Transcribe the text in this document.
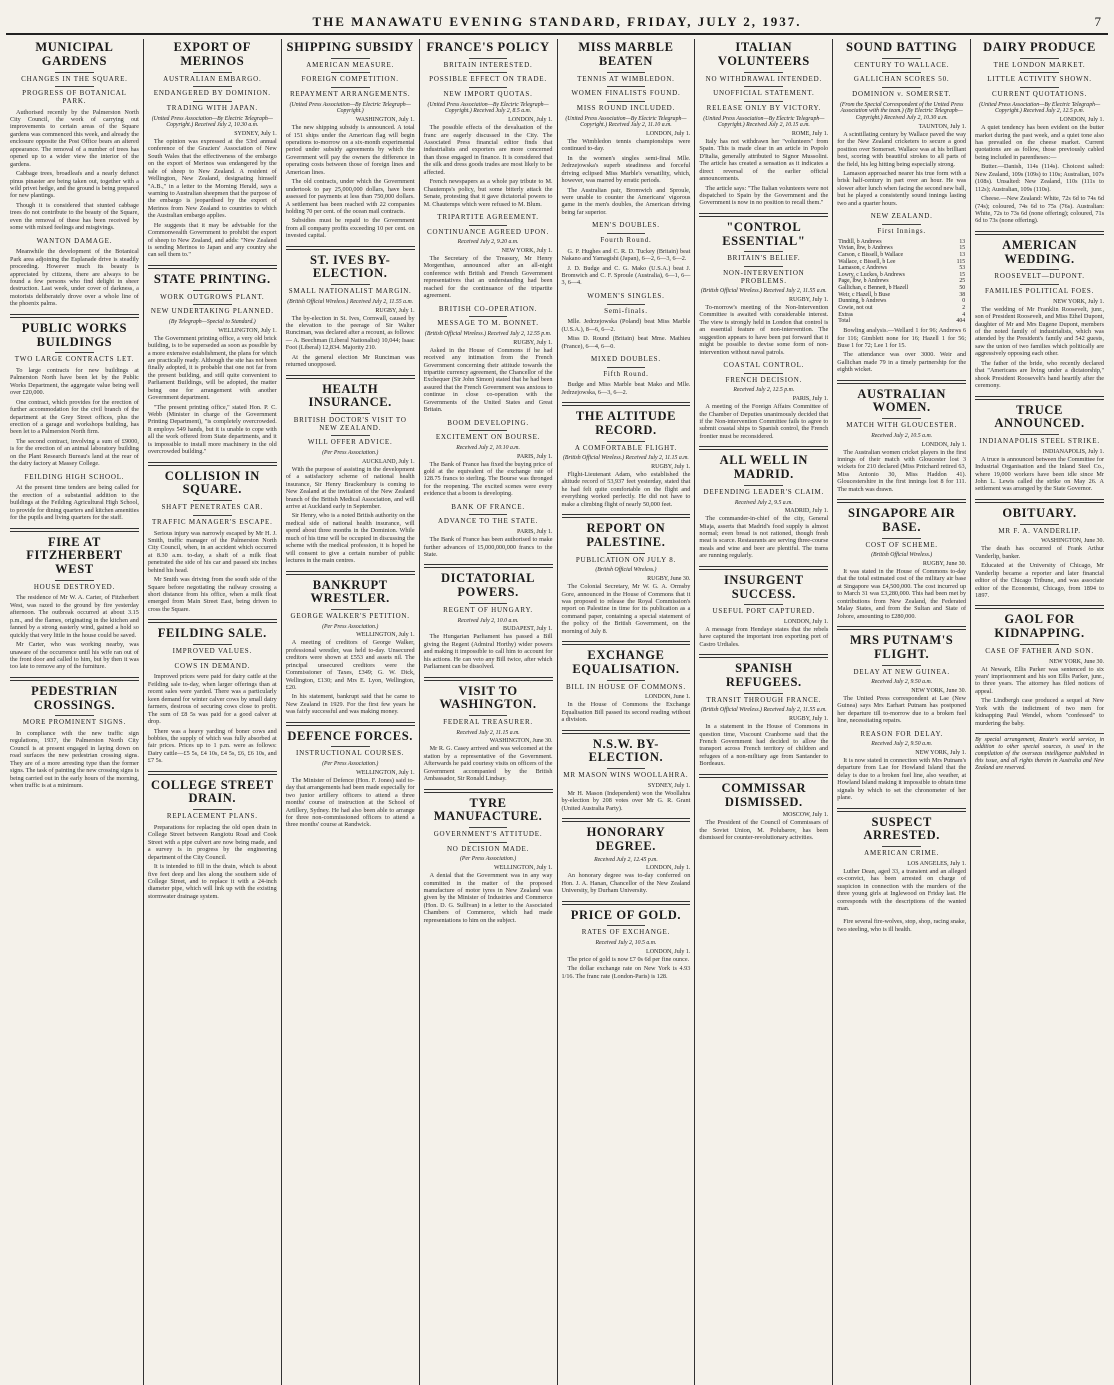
THE MANAWATU EVENING STANDARD, FRIDAY, JULY 2, 1937.	7
MUNICIPAL GARDENS
CHANGES IN THE SQUARE.
PROGRESS OF BOTANICAL PARK.

Authorised recently by the Palmerston North City Council, the work of carrying out improvements to certain areas of the Square gardens was commenced this week, and already the enclosure opposite the Post Office bears an altered appearance. The removal of a number of trees has opened up to a wider view the interior of the gardens.

Cabbage trees, broadleafs and a nearly defunct pinus pinaster are being taken out, together with a wild privet hedge, and the ground is being prepared for new plantings.

Though it is considered that stunted cabbage trees do not contribute to the beauty of the Square, even the removal of these has been received by some with mixed feelings and misgivings.

WANTON DAMAGE.

Meanwhile the development of the Botanical Park area adjoining the Esplanade drive is steadily proceeding. However much its beauty is appreciated by citizens, there are always to be found a few persons who find delight in sheer destruction. Last week, under cover of darkness, a motorists deliberately drove over a whole line of the phoenix palms.

PUBLIC WORKS BUILDINGS
TWO LARGE CONTRACTS LET.

To large contracts for new buildings at Palmerston North have been let by the Public Works Department, the aggregate value being well over £20,000.

One contract, which provides for the erection of further accommodation for the civil branch of the department at the Grey Street offices, plus the erection of a garage and workshops building, has been let to a Palmerston North firm.

The second contract, involving a sum of £9000, is for the erection of an animal laboratory building on the Plant Research Bureau's land at the rear of the dairy factory at Massey College.

FEILDING HIGH SCHOOL.

At the present time tenders are being called for the erection of a substantial addition to the buildings at the Feilding Agricultural High School, to provide for dining quarters and kitchen amenities for the pupils and living quarters for the staff.

FIRE AT FITZHERBERT WEST
HOUSE DESTROYED.

The residence of Mr W. A. Carter, of Fitzherbert West, was razed to the ground by fire yesterday afternoon. The outbreak occurred at about 3.15 p.m., and the flames, originating in the kitchen and fanned by a strong easterly wind, gained a hold so quickly that very little in the house could be saved.

Mr Carter, who was working nearby, was unaware of the occurrence until his wife ran out of the front door and called to him, but by then it was too late to remove any of the furniture.

PEDESTRIAN CROSSINGS.
MORE PROMINENT SIGNS.

In compliance with the new traffic sign regulations, 1937, the Palmerston North City Council is at present engaged in laying down on road surfaces the new pedestrian crossing signs. They are of a more arresting type than the former signs. The task of painting the new crossing signs is being carried out in the early hours of the morning, when traffic is at a minimum.

EXPORT OF MERINOS
AUSTRALIAN EMBARGO.
ENDANGERED BY DOMINION.
TRADING WITH JAPAN.
(United Press Association—By Electric Telegraph—Copyright.) Received July 2, 10.30 a.m.
SYDNEY, July 1.

The opinion was expressed at the 53rd annual conference of the Graziers' Association of New South Wales that the effectiveness of the embargo on the export of Merinos was endangered by the sale of sheep to New Zealand. A resident of Wellington, New Zealand, designating himself "A.B.," in a letter to the Morning Herald, says a warning to Australian sheepmen that the purpose of the embargo is jeopardised by the export of Merinos from New Zealand to countries to which the Australian embargo applies.

He suggests that it may be advisable for the Commonwealth Government to prohibit the export of sheep to New Zealand, and adds: "New Zealand is sending Merinos to Japan and any country she can sell them to."

STATE PRINTING.
WORK OUTGROWS PLANT.
NEW UNDERTAKING PLANNED.
(By Telegraph—Special to Standard.)
WELLINGTON, July 1.

The Government printing office, a very old brick building, is to be superseded as soon as possible by a more extensive establishment, the plans for which are practically ready. Although the site has not been finally adopted, it is probable that one not far from the present building, and still quite convenient to Parliament Buildings, will be adopted, the matter being one for arrangement with another Government department.

"The present printing office," stated Hon. P. C. Webb (Minister in charge of the Government Printing Department), "is completely overcrowded. It employs 549 hands, but it is unable to cope with all the work offered from State departments, and it is impossible to install more machinery in the old overcrowded building."

COLLISION IN SQUARE.
SHAFT PENETRATES CAR.
TRAFFIC MANAGER'S ESCAPE.

Serious injury was narrowly escaped by Mr H. J. Smith, traffic manager of the Palmerston North City Council, when, in an accident which occurred at 8.30 a.m. to-day, a shaft of a milk float penetrated the side of his car and passed six inches behind his head.

Mr Smith was driving from the south side of the Square before negotiating the railway crossing a short distance from his office, when a milk float emerged from Main Street East, being driven to cross the Square.

FEILDING SALE.
IMPROVED VALUES.
COWS IN DEMAND.

Improved prices were paid for dairy cattle at the Feilding sale to-day, when larger offerings than at recent sales were yarded. There was a particularly keen demand for winter calver cows by small dairy farmers, desirous of securing cows close to profit. The sum of £8 5s was paid for a good calver at drop.

There was a heavy yarding of boner cows and bobbies, the supply of which was fully absorbed at fair prices. Prices up to 1 p.m. were as follows: Dairy cattle—£5 5s, £4 10s, £4 5s, £6, £6 10s, and £7 5s.

COLLEGE STREET DRAIN.
REPLACEMENT PLANS.

Preparations for replacing the old open drain in College Street between Rangiotu Road and Cook Street with a pipe culvert are now being made, and a survey is in progress by the engineering department of the City Council.

It is intended to fill in the drain, which is about five feet deep and lies along the southern side of College Street, and to replace it with a 24-inch diameter pipe, which will link up with the existing stormwater drainage system.

SHIPPING SUBSIDY
AMERICAN MEASURE.
FOREIGN COMPETITION.
REPAYMENT ARRANGEMENTS.
(United Press Association—By Electric Telegraph—Copyright.)
WASHINGTON, July 1.

The new shipping subsidy is announced. A total of 151 ships under the American flag will begin operations to-morrow on a six-month experimental period under subsidy agreements by which the Government will pay the owners the difference in operating costs between those of foreign lines and American lines.

The old contracts, under which the Government undertook to pay 25,000,000 dollars, have been assessed for payments at less than 750,000 dollars. A settlement has been reached with 22 companies holding 70 per cent. of the ocean mail contracts.

Subsidies must be repaid to the Government from all company profits exceeding 10 per cent. on invested capital.

ST. IVES BY-ELECTION.
SMALL NATIONALIST MARGIN.
(British Official Wireless.) Received July 2, 11.55 a.m.
RUGBY, July 1.

The by-election in St. Ives, Cornwall, caused by the elevation to the peerage of Sir Walter Runciman, was declared after a recount, as follows: — A. Beechman (Liberal Nationalist) 10,044; Isaac Foot (Liberal) 12,834. Majority 210.

At the general election Mr Runciman was returned unopposed.

HEALTH INSURANCE.
BRITISH DOCTOR'S VISIT TO NEW ZEALAND.
WILL OFFER ADVICE.
(Per Press Association.)
AUCKLAND, July 1.

With the purpose of assisting in the development of a satisfactory scheme of national health insurance, Sir Henry Brackenbury is coming to New Zealand at the invitation of the New Zealand branch of the British Medical Association, and will arrive at Auckland early in September.

Sir Henry, who is a noted British authority on the medical side of national health insurance, will spend about three months in the Dominion. While much of his time will be occupied in discussing the scheme with the medical profession, it is hoped he will consent to give a certain number of public lectures in the main centres.

BANKRUPT WRESTLER.
GEORGE WALKER'S PETITION.
(Per Press Association.)
WELLINGTON, July 1.

A meeting of creditors of George Walker, professional wrestler, was held to-day. Unsecured creditors were shown at £553 and assets nil. The principal unsecured creditors were the Commissioner of Taxes, £349; G. W. Dick, Wellington, £130; and Mrs E. Lyon, Wellington, £20.

In his statement, bankrupt said that he came to New Zealand in 1929. For the first few years he was fairly successful and was making money.

DEFENCE FORCES.
INSTRUCTIONAL COURSES.
(Per Press Association.)
WELLINGTON, July 1.

The Minister of Defence (Hon. F. Jones) said to-day that arrangements had been made especially for two junior artillery officers to attend a three months' course of instruction at the School of Artillery, Sydney. He had also been able to arrange for three non-commissioned officers to attend a three months' course at Randwick.

FRANCE'S POLICY
BRITAIN INTERESTED.
POSSIBLE EFFECT ON TRADE.
NEW IMPORT QUOTAS.
(United Press Association—By Electric Telegraph—Copyright.) Received July 2, 8.5 a.m.
LONDON, July 1.

The possible effects of the devaluation of the franc are eagerly discussed in the City. The Associated Press financial editor finds that industrialists and exporters are more concerned than those engaged in finance. It is considered that the silk and dress goods trades are most likely to be affected.

French newspapers as a whole pay tribute to M. Chautemps's policy, but some bitterly attack the Senate, protesting that it gave dictatorial powers to M. Chautemps which were refused to M. Blum.

TRIPARTITE AGREEMENT.
CONTINUANCE AGREED UPON.
Received July 2, 9.20 a.m.
NEW YORK, July 1.

The Secretary of the Treasury, Mr Henry Morgenthau, announced after an all-night conference with British and French Government representatives that an understanding had been reached for the continuance of the tripartite agreement.

BRITISH CO-OPERATION.
MESSAGE TO M. BONNET.
(British Official Wireless.) Received July 2, 12.55 p.m.
RUGBY, July 1.

Asked in the House of Commons if he had received any intimation from the French Government concerning their attitude towards the tripartite currency agreement, the Chancellor of the Exchequer (Sir John Simon) stated that he had been assured that the French Government was anxious to continue in close co-operation with the Governments of the United States and Great Britain.

BOOM DEVELOPING.
EXCITEMENT ON BOURSE.
Received July 2, 10.10 a.m.
PARIS, July 1.

The Bank of France has fixed the buying price of gold at the equivalent of the exchange rate of 128.75 francs to sterling. The Bourse was thronged for the reopening. The excited scenes were every evidence that a boom is developing.

BANK OF FRANCE.
ADVANCE TO THE STATE.
PARIS, July 1.

The Bank of France has been authorised to make further advances of 15,000,000,000 francs to the State.

DICTATORIAL POWERS.
REGENT OF HUNGARY.
Received July 2, 10.0 a.m.
BUDAPEST, July 1.

The Hungarian Parliament has passed a Bill giving the Regent (Admiral Horthy) wider powers and making it impossible to call him to account for his actions. He can veto any Bill twice, after which Parliament can be dissolved.

VISIT TO WASHINGTON.
FEDERAL TREASURER.
Received July 2, 11.15 a.m.
WASHINGTON, June 30.

Mr R. G. Casey arrived and was welcomed at the station by a representative of the Government. Afterwards he paid courtesy visits on officers of the Government accompanied by the British Ambassador, Sir Ronald Lindsay.

TYRE MANUFACTURE.
GOVERNMENT'S ATTITUDE.
NO DECISION MADE.
(Per Press Association.)
WELLINGTON, July 1.

A denial that the Government was in any way committed in the matter of the proposed manufacture of motor tyres in New Zealand was given by the Minister of Industries and Commerce (Hon. D. G. Sullivan) in a letter to the Associated Chambers of Commerce, which had made representations to him on the subject.

MISS MARBLE BEATEN
TENNIS AT WIMBLEDON.
WOMEN FINALISTS FOUND.
MISS ROUND INCLUDED.
(United Press Association—By Electric Telegraph—Copyright.) Received July 2, 11.10 a.m.
LONDON, July 1.

The Wimbledon tennis championships were continued to-day.

In the women's singles semi-final Mlle. Jedrzejowska's superb steadiness and forceful driving eclipsed Miss Marble's versatility, which, however, was marred by erratic periods.

The Australian pair, Bromwich and Sproule, were unable to counter the Americans' vigorous game in the men's doubles, the American driving being far superior.

MEN'S DOUBLES.
Fourth Round.

G. P. Hughes and C. R. D. Tuckey (Britain) beat Nakano and Yamagishi (Japan), 6—2, 6—3, 6—2.

J. D. Budge and C. G. Mako (U.S.A.) beat J. Bromwich and C. F. Sproule (Australia), 6—1, 6—3, 6—4.

WOMEN'S SINGLES.
Semi-finals.

Mlle. Jedrzejowska (Poland) beat Miss Marble (U.S.A.), 8—6, 6—2.

Miss D. Round (Britain) beat Mme. Mathieu (France), 6—4, 6—0.

MIXED DOUBLES.
Fifth Round.

Budge and Miss Marble beat Mako and Mlle. Jedrzejowska, 6—3, 6—2.

THE ALTITUDE RECORD.
A COMFORTABLE FLIGHT.
(British Official Wireless.) Received July 2, 11.15 a.m.
RUGBY, July 1.

Flight-Lieutenant Adam, who established the altitude record of 53,937 feet yesterday, stated that he had felt quite comfortable on the flight and everything worked perfectly. He did not have to make a climbing flight of nearly 50,000 feet.

REPORT ON PALESTINE.
PUBLICATION ON JULY 8.
(British Official Wireless.)
RUGBY, June 30.

The Colonial Secretary, Mr W. G. A. Ormsby Gore, announced in the House of Commons that it was proposed to release the Royal Commission's report on Palestine in time for its publication as a command paper, containing a special statement of the policy of the British Government, on the morning of July 8.

EXCHANGE EQUALISATION.
BILL IN HOUSE OF COMMONS.
LONDON, June 1.

In the House of Commons the Exchange Equalisation Bill passed its second reading without a division.

N.S.W. BY-ELECTION.
MR MASON WINS WOOLLAHRA.
SYDNEY, July 1.

Mr H. Mason (Independent) won the Woollahra by-election by 208 votes over Mr G. R. Grant (United Australia Party).

HONORARY DEGREE.
Received July 2, 12.45 p.m.
LONDON, July 1.

An honorary degree was to-day conferred on Hon. J. A. Hanan, Chancellor of the New Zealand University, by Durham University.

PRICE OF GOLD.
RATES OF EXCHANGE.
Received July 2, 10.5 a.m.
LONDON, July 1.

The price of gold is now £7 0s 6d per fine ounce.

The dollar exchange rate on New York is 4.93 1/16. The franc rate (London-Paris) is 128.

ITALIAN VOLUNTEERS
NO WITHDRAWAL INTENDED.
UNOFFICIAL STATEMENT.
RELEASE ONLY BY VICTORY.
(United Press Association—By Electric Telegraph—Copyright.) Received July 2, 10.15 a.m.
ROME, July 1.

Italy has not withdrawn her "volunteers" from Spain. This is made clear in an article in Popolo D'Italia, generally attributed to Signor Mussolini. The article has created a sensation as it indicates a direct reversal of the earlier official announcements.

The article says: "The Italian volunteers were not dispatched to Spain by the Government and the Government is now in no position to recall them."

"CONTROL ESSENTIAL"
BRITAIN'S BELIEF.
NON-INTERVENTION PROBLEMS.
(British Official Wireless.) Received July 2, 11.55 a.m.
RUGBY, July 1.

To-morrow's meeting of the Non-Intervention Committee is awaited with considerable interest. The view is strongly held in London that control is an essential feature of non-intervention. The suggestion appears to have been put forward that it might be possible to devise some form of non-intervention without naval patrols.

COASTAL CONTROL.
FRENCH DECISION.
Received July 2, 12.5 p.m.
PARIS, July 1.

A meeting of the Foreign Affairs Committee of the Chamber of Deputies unanimously decided that if the Non-intervention Committee fails to agree to submit coastal ships to Spanish control, the French frontier must be reconsidered.

ALL WELL IN MADRID.
DEFENDING LEADER'S CLAIM.
Received July 2, 9.5 a.m.
MADRID, July 1.

The commander-in-chief of the city, General Miaja, asserts that Madrid's food supply is almost normal; even bread is not rationed, though fresh meat is scarce. Restaurants are serving three-course meals and wine and beer are plentiful. The trams are running regularly.

INSURGENT SUCCESS.
USEFUL PORT CAPTURED.
LONDON, July 1.

A message from Hendaye states that the rebels have captured the important iron exporting port of Castro Urdiales.

SPANISH REFUGEES.
TRANSIT THROUGH FRANCE.
(British Official Wireless.) Received July 2, 11.55 a.m.
RUGBY, July 1.

In a statement in the House of Commons in question time, Viscount Cranborne said that the French Government had decided to allow the transport across French territory of children and refugees of a non-military age from Santander to Bordeaux.

COMMISSAR DISMISSED.
MOSCOW, July 1.

The President of the Council of Commissars of the Soviet Union, M. Polubarov, has been dismissed for counter-revolutionary activities.

SOUND BATTING
CENTURY TO WALLACE.
GALLICHAN SCORES 50.
DOMINION v. SOMERSET.
(From the Special Correspondent of the United Press Association with the team.) (By Electric Telegraph—Copyright.) Received July 2, 10.30 a.m.
TAUNTON, July 1.

A scintillating century by Wallace paved the way for the New Zealand cricketers to secure a good position over Somerset. Wallace was at his brilliant best, scoring with beautiful strokes to all parts of the field, his leg hitting being especially strong.

Lamason approached nearer his true form with a brisk half-century in part over an hour. He was slower after lunch when facing the second new ball, but he played a consistently sound innings lasting two and a quarter hours.

NEW ZEALAND.
First Innings.
Tindill, b Andrews	13
Vivian, lbw, b Andrews	15
Carson, c Bissell, b Wallace	13
Wallace, c Bissell, b Lee	115
Lamason, c Andrews	53
Lowry, c Luckes, b Andrews	15
Page, lbw, b Andrews	25
Gallichan, c Bennett, b Hazell	50
Weir, c Hazell, b Buse	38
Dunning, b Andrews	0
Cowie, not out	2
Extras	4
Total	404

Bowling analysis.—Wellard 1 for 96; Andrews 6 for 116; Gimblett none for 16; Hazell 1 for 56; Buse 1 for 72; Lee 1 for 15.

The attendance was over 3000. Weir and Gallichan made 79 in a timely partnership for the eighth wicket.

AUSTRALIAN WOMEN.
MATCH WITH GLOUCESTER.
Received July 2, 10.5 a.m.
LONDON, July 1.

The Australian women cricket players in the first innings of their match with Gloucester lost 3 wickets for 210 declared (Miss Pritchard retired 63, Miss Antonio 30, Miss Haddon 41). Gloucestershire in the first innings lost 8 for 111. The match was drawn.

SINGAPORE AIR BASE.
COST OF SCHEME.
(British Official Wireless.)
RUGBY, June 30.

It was stated in the House of Commons to-day that the total estimated cost of the military air base at Singapore was £4,500,000. The cost incurred up to March 31 was £3,280,000. This had been met by contributions from New Zealand, the Federated Malay States, and from the Sultan and State of Johore, amounting to £280,000.

MRS PUTNAM'S FLIGHT.
DELAY AT NEW GUINEA.
Received July 2, 9.50 a.m.
NEW YORK, June 30.

The United Press correspondent at Lae (New Guinea) says Mrs Earhart Putnam has postponed her departure till to-morrow due to a broken fuel line, necessitating repairs.

REASON FOR DELAY.
Received July 2, 9.50 a.m.
NEW YORK, July 1.

It is now stated in connection with Mrs Putnam's departure from Lae for Howland Island that the delay is due to a broken fuel line, also weather, at Howland Island making it impossible to obtain time signals by which to set the chronometer of her plane.

SUSPECT ARRESTED.
AMERICAN CRIME.
LOS ANGELES, July 1.

Luther Dean, aged 33, a transient and an alleged ex-convict, has been arrested on charge of suspicion in connection with the murders of the three young girls at Inglewood on Friday last. He corresponds with the descriptions of the wanted man.

Fire several fire-wolves, stop, shop, racing snake, two steeling, who is ill health.

DAIRY PRODUCE
THE LONDON MARKET.
LITTLE ACTIVITY SHOWN.
CURRENT QUOTATIONS.
(United Press Association—By Electric Telegraph—Copyright.) Received July 2, 12.5 p.m.
LONDON, July 1.

A quiet tendency has been evident on the butter market during the past week, and a quiet tone also has prevailed on the cheese market. Current quotations are as follow, those previously cabled being included in parentheses:—

Butter.—Danish, 114s (114s). Choicest salted: New Zealand, 109s (109s) to 110s; Australian, 107s (108s). Unsalted: New Zealand, 110s (111s to 112s); Australian, 109s (110s).

Cheese.—New Zealand: White, 72s 6d to 74s 6d (74s); coloured, 74s 6d to 75s (76s). Australian: White, 72s to 73s 6d (none offering); coloured, 71s 6d to 73s (none offering).

AMERICAN WEDDING.
ROOSEVELT—DUPONT.
FAMILIES POLITICAL FOES.
NEW YORK, July 1.

The wedding of Mr Franklin Roosevelt, junr., son of President Roosevelt, and Miss Ethel Dupont, daughter of Mr and Mrs Eugene Dupont, members of the noted family of industrialists, which was attended by the President's family and 542 guests, saw the union of two families which politically are aggressively opposing each other.

The father of the bride, who recently declared that "Americans are living under a dictatorship," shook President Roosevelt's hand heartily after the ceremony.

TRUCE ANNOUNCED.
INDIANAPOLIS STEEL STRIKE.
INDIANAPOLIS, July 1.

A truce is announced between the Committee for Industrial Organisation and the Inland Steel Co., where 19,000 workers have been idle since Mr John L. Lewis called the strike on May 26. A settlement was arranged by the State Governor.

OBITUARY.
MR F. A. VANDERLIP.
WASHINGTON, June 30.

The death has occurred of Frank Arthur Vanderlip, banker.

Educated at the University of Chicago, Mr Vanderlip became a reporter and later financial editor of the Chicago Tribune, and was associate editor of the Economist, Chicago, from 1894 to 1897.

GAOL FOR KIDNAPPING.
CASE OF FATHER AND SON.
NEW YORK, June 30.

At Newark, Ellis Parker was sentenced to six years' imprisonment and his son Ellis Parker, junr., to three years. The attorney has filed notices of appeal.

The Lindbergh case produced a sequel at New York with the indictment of two men for kidnapping Paul Wendel, whom "confessed" to murdering the baby.

By special arrangement, Reuter's world service, in addition to other special sources, is used in the compilation of the overseas intelligence published in this issue, and all rights therein in Australia and New Zealand are reserved.
